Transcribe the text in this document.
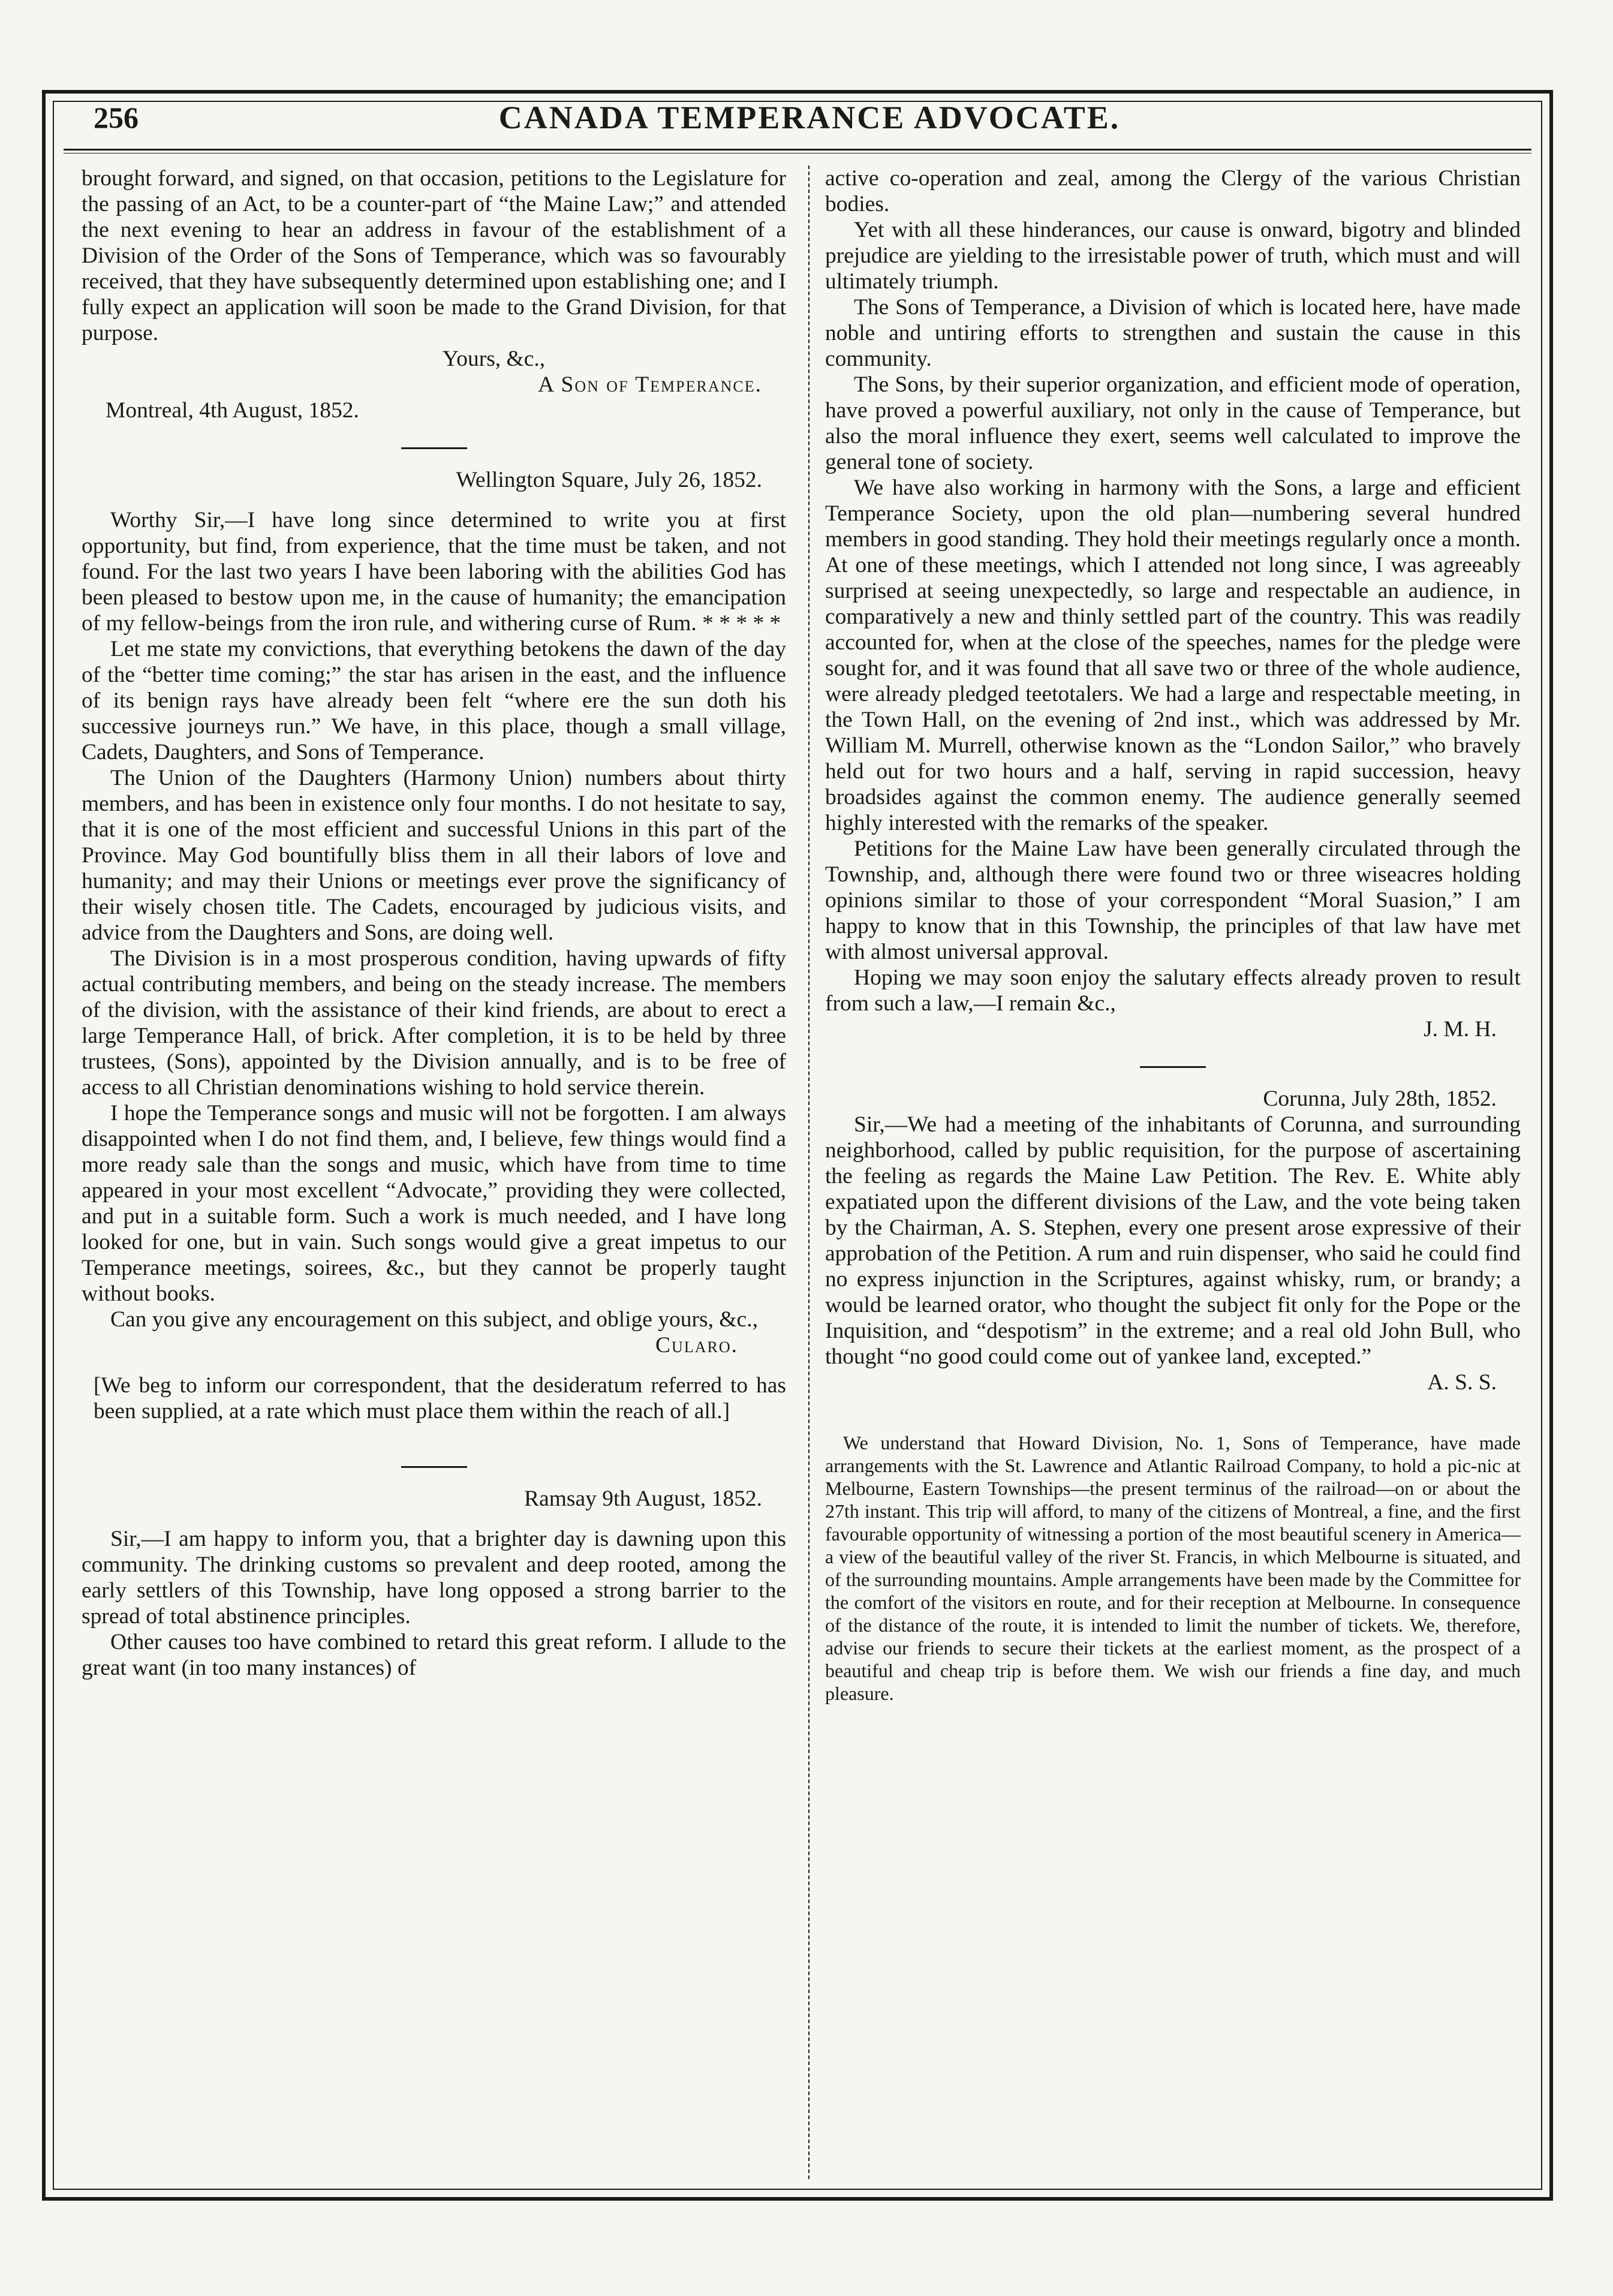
256	CANADA TEMPERANCE ADVOCATE.

brought forward, and signed, on that occasion, petitions to the Legislature for the passing of an Act, to be a counter-part of “the Maine Law;” and attended the next evening to hear an address in favour of the establishment of a Division of the Order of the Sons of Temperance, which was so favourably received, that they have subsequently determined upon establishing one; and I fully expect an application will soon be made to the Grand Division, for that purpose.

Yours, &c.,

A Son of Temperance.

Montreal, 4th August, 1852.

Wellington Square, July 26, 1852.

Worthy Sir,—I have long since determined to write you at first opportunity, but find, from experience, that the time must be taken, and not found. For the last two years I have been laboring with the abilities God has been pleased to bestow upon me, in the cause of humanity; the emancipation of my fellow-beings from the iron rule, and withering curse of Rum. * * * * *

Let me state my convictions, that everything betokens the dawn of the day of the “better time coming;” the star has arisen in the east, and the influence of its benign rays have already been felt “where ere the sun doth his successive journeys run.” We have, in this place, though a small village, Cadets, Daughters, and Sons of Temperance.

The Union of the Daughters (Harmony Union) numbers about thirty members, and has been in existence only four months. I do not hesitate to say, that it is one of the most efficient and successful Unions in this part of the Province. May God bountifully bliss them in all their labors of love and humanity; and may their Unions or meetings ever prove the significancy of their wisely chosen title. The Cadets, encouraged by judicious visits, and advice from the Daughters and Sons, are doing well.

The Division is in a most prosperous condition, having upwards of fifty actual contributing members, and being on the steady increase. The members of the division, with the assistance of their kind friends, are about to erect a large Temperance Hall, of brick. After completion, it is to be held by three trustees, (Sons), appointed by the Division annually, and is to be free of access to all Christian denominations wishing to hold service therein.

I hope the Temperance songs and music will not be forgotten. I am always disappointed when I do not find them, and, I believe, few things would find a more ready sale than the songs and music, which have from time to time appeared in your most excellent “Advocate,” providing they were collected, and put in a suitable form. Such a work is much needed, and I have long looked for one, but in vain. Such songs would give a great impetus to our Temperance meetings, soirees, &c., but they cannot be properly taught without books.

Can you give any encouragement on this subject, and oblige yours, &c.,

Cularo.

[We beg to inform our correspondent, that the desideratum referred to has been supplied, at a rate which must place them within the reach of all.]

Ramsay 9th August, 1852.

Sir,—I am happy to inform you, that a brighter day is dawning upon this community. The drinking customs so prevalent and deep rooted, among the early settlers of this Township, have long opposed a strong barrier to the spread of total abstinence principles.

Other causes too have combined to retard this great reform. I allude to the great want (in too many instances) of

active co-operation and zeal, among the Clergy of the various Christian bodies.

Yet with all these hinderances, our cause is onward, bigotry and blinded prejudice are yielding to the irresistable power of truth, which must and will ultimately triumph.

The Sons of Temperance, a Division of which is located here, have made noble and untiring efforts to strengthen and sustain the cause in this community.

The Sons, by their superior organization, and efficient mode of operation, have proved a powerful auxiliary, not only in the cause of Temperance, but also the moral influence they exert, seems well calculated to improve the general tone of society.

We have also working in harmony with the Sons, a large and efficient Temperance Society, upon the old plan—numbering several hundred members in good standing. They hold their meetings regularly once a month. At one of these meetings, which I attended not long since, I was agreeably surprised at seeing unexpectedly, so large and respectable an audience, in comparatively a new and thinly settled part of the country. This was readily accounted for, when at the close of the speeches, names for the pledge were sought for, and it was found that all save two or three of the whole audience, were already pledged teetotalers. We had a large and respectable meeting, in the Town Hall, on the evening of 2nd inst., which was addressed by Mr. William M. Murrell, otherwise known as the “London Sailor,” who bravely held out for two hours and a half, serving in rapid succession, heavy broadsides against the common enemy. The audience generally seemed highly interested with the remarks of the speaker.

Petitions for the Maine Law have been generally circulated through the Township, and, although there were found two or three wiseacres holding opinions similar to those of your correspondent “Moral Suasion,” I am happy to know that in this Township, the principles of that law have met with almost universal approval.

Hoping we may soon enjoy the salutary effects already proven to result from such a law,—I remain &c.,

J. M. H.

Corunna, July 28th, 1852.

Sir,—We had a meeting of the inhabitants of Corunna, and surrounding neighborhood, called by public requisition, for the purpose of ascertaining the feeling as regards the Maine Law Petition. The Rev. E. White ably expatiated upon the different divisions of the Law, and the vote being taken by the Chairman, A. S. Stephen, every one present arose expressive of their approbation of the Petition. A rum and ruin dispenser, who said he could find no express injunction in the Scriptures, against whisky, rum, or brandy; a would be learned orator, who thought the subject fit only for the Pope or the Inquisition, and “despotism” in the extreme; and a real old John Bull, who thought “no good could come out of yankee land, excepted.”

A. S. S.

We understand that Howard Division, No. 1, Sons of Temperance, have made arrangements with the St. Lawrence and Atlantic Railroad Company, to hold a pic-nic at Melbourne, Eastern Townships—the present terminus of the railroad—on or about the 27th instant. This trip will afford, to many of the citizens of Montreal, a fine, and the first favourable opportunity of witnessing a portion of the most beautiful scenery in America—a view of the beautiful valley of the river St. Francis, in which Melbourne is situated, and of the surrounding mountains. Ample arrangements have been made by the Committee for the comfort of the visitors en route, and for their reception at Melbourne. In consequence of the distance of the route, it is intended to limit the number of tickets. We, therefore, advise our friends to secure their tickets at the earliest moment, as the prospect of a beautiful and cheap trip is before them. We wish our friends a fine day, and much pleasure.
